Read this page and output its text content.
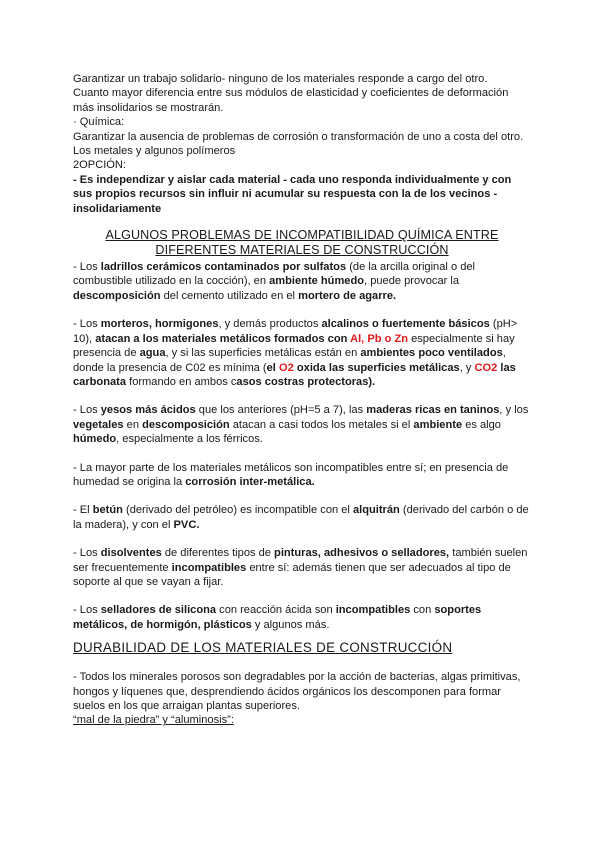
Garantizar un trabajo solidario- ninguno de los materiales responde a cargo del otro.

Cuanto mayor diferencia entre sus módulos de elasticidad y coeficientes de deformación más insolidarios se mostrarán.

· Química:

Garantizar la ausencia de problemas de corrosión o transformación de uno a costa del otro.

Los metales y algunos polímeros

2OPCIÓN:

- Es independizar y aislar cada material - cada uno responda individualmente y con sus propios recursos sin influir ni acumular su respuesta con la de los vecinos - insolidariamente

ALGUNOS PROBLEMAS DE INCOMPATIBILIDAD QUÍMICA ENTRE DIFERENTES MATERIALES DE CONSTRUCCIÓN

- Los ladrillos cerámicos contaminados por sulfatos (de la arcilla original o del combustible utilizado en la cocción), en ambiente húmedo, puede provocar la descomposición del cemento utilizado en el mortero de agarre.

- Los morteros, hormigones, y demás productos alcalinos o fuertemente básicos (pH> 10), atacan a los materiales metálicos formados con Al, Pb o Zn especialmente si hay presencia de agua, y si las superficies metálicas están en ambientes poco ventilados, donde la presencia de C02 es mínima (el O2 oxida las superficies metálicas, y CO2 las carbonata formando en ambos casos costras protectoras).

- Los yesos más ácidos que los anteriores (pH=5 a 7), las maderas ricas en taninos, y los vegetales en descomposición atacan a casi todos los metales si el ambiente es algo húmedo, especialmente a los férricos.

- La mayor parte de los materiales metálicos son incompatibles entre sí; en presencia de humedad se origina la corrosión inter-metálica.

- El betún (derivado del petróleo) es incompatible con el alquitrán (derivado del carbón o de la madera), y con el PVC.

- Los disolventes de diferentes tipos de pinturas, adhesivos o selladores, también suelen ser frecuentemente incompatibles entre sí: además tienen que ser adecuados al tipo de soporte al que se vayan a fijar.

- Los selladores de silicona con reacción ácida son incompatibles con soportes metálicos, de hormigón, plásticos y algunos más.

DURABILIDAD DE LOS MATERIALES DE CONSTRUCCIÓN

- Todos los minerales porosos son degradables por la acción de bacterias, algas primitivas, hongos y líquenes que, desprendiendo ácidos orgánicos los descomponen para formar suelos en los que arraigan plantas superiores.

“mal de la piedra” y “aluminosis”:
